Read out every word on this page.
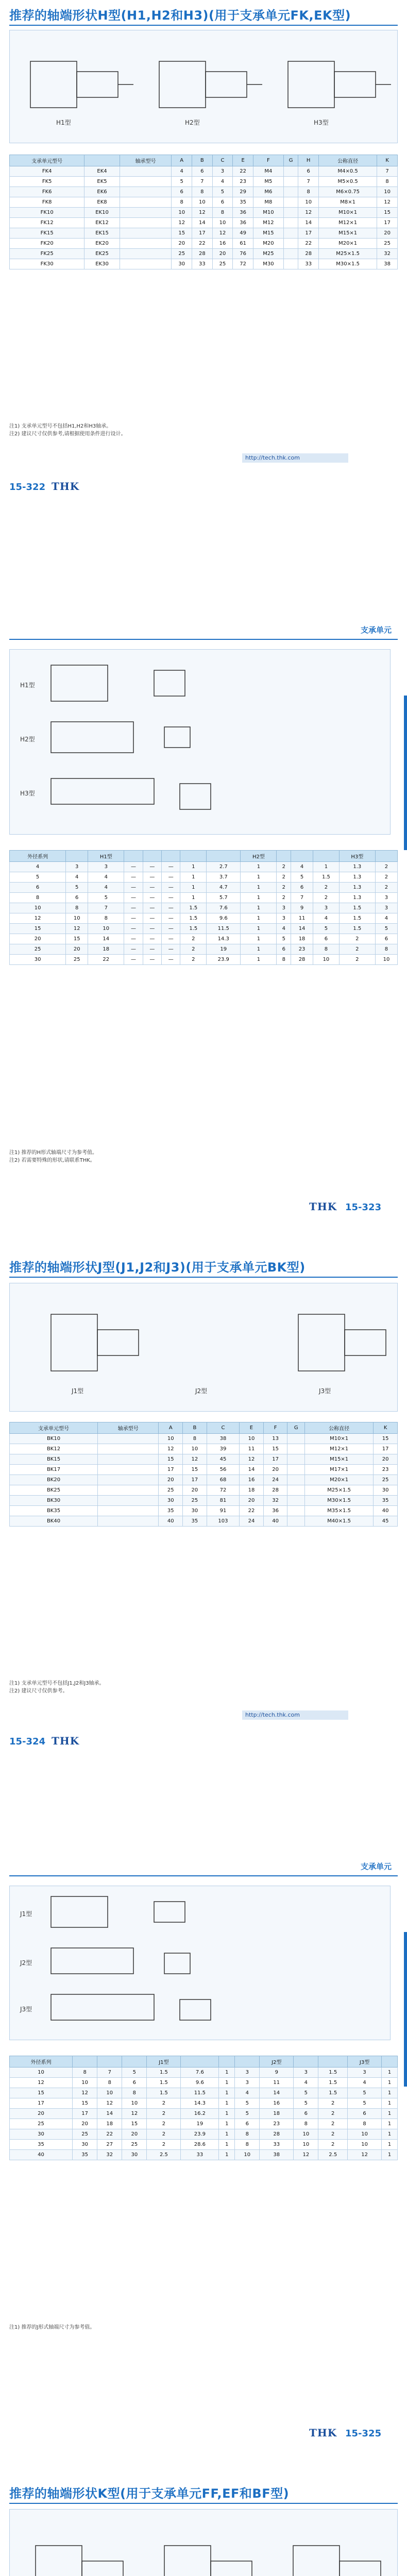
推荐的轴端形状H型(H1,H2和H3)(用于支承单元FK,EK型)
H1型	H2型	H3型
支承单元型号		轴承型号	A	B	C	E	F	G	H	公称直径	K
FK4	EK4		4	6	3	22	M4		6	M4×0.5	7
FK5	EK5		5	7	4	23	M5		7	M5×0.5	8
FK6	EK6		6	8	5	29	M6		8	M6×0.75	10
FK8	EK8		8	10	6	35	M8		10	M8×1	12
FK10	EK10		10	12	8	36	M10		12	M10×1	15
FK12	EK12		12	14	10	36	M12		14	M12×1	17
FK15	EK15		15	17	12	49	M15		17	M15×1	20
FK20	EK20		20	22	16	61	M20		22	M20×1	25
FK25	EK25		25	28	20	76	M25		28	M25×1.5	32
FK30	EK30		30	33	25	72	M30		33	M30×1.5	38
注1) 支承单元型号不包括H1,H2和H3轴承。
注2) 建议尺寸仅供参考,请根据使用条件进行设计。
http://tech.thk.com
15-322 THK
支承单元
H1型
H2型
H3型
外径系列		H1型						H2型				H3型	
4	3	3	—	—	—	1	2.7	1	2	4	1	1.3	2
5	4	4	—	—	—	1	3.7	1	2	5	1.5	1.3	2
6	5	4	—	—	—	1	4.7	1	2	6	2	1.3	2
8	6	5	—	—	—	1	5.7	1	2	7	2	1.3	3
10	8	7	—	—	—	1.5	7.6	1	3	9	3	1.5	3
12	10	8	—	—	—	1.5	9.6	1	3	11	4	1.5	4
15	12	10	—	—	—	1.5	11.5	1	4	14	5	1.5	5
20	15	14	—	—	—	2	14.3	1	5	18	6	2	6
25	20	18	—	—	—	2	19	1	6	23	8	2	8
30	25	22	—	—	—	2	23.9	1	8	28	10	2	10
注1) 推荐的H形式轴端尺寸为参考值。
注2) 若需要特殊的形状,请联系THK。
THK 15-323
推荐的轴端形状J型(J1,J2和J3)(用于支承单元BK型)
J1型	J2型	J3型
支承单元型号	轴承型号	A	B	C	E	F	G	公称直径	K
BK10		10	8	38	10	13		M10×1	15
BK12		12	10	39	11	15		M12×1	17
BK15		15	12	45	12	17		M15×1	20
BK17		17	15	56	14	20		M17×1	23
BK20		20	17	68	16	24		M20×1	25
BK25		25	20	72	18	28		M25×1.5	30
BK30		30	25	81	20	32		M30×1.5	35
BK35		35	30	91	22	36		M35×1.5	40
BK40		40	35	103	24	40		M40×1.5	45
注1) 支承单元型号不包括J1,J2和J3轴承。
注2) 建议尺寸仅供参考。
http://tech.thk.com
15-324 THK
支承单元
J1型
J2型
J3型
外径系列				J1型				J2型			J3型	
10	8	7	5	1.5	7.6	1	3	9	3	1.5	3	1
12	10	8	6	1.5	9.6	1	3	11	4	1.5	4	1
15	12	10	8	1.5	11.5	1	4	14	5	1.5	5	1
17	15	12	10	2	14.3	1	5	16	5	2	5	1
20	17	14	12	2	16.2	1	5	18	6	2	6	1
25	20	18	15	2	19	1	6	23	8	2	8	1
30	25	22	20	2	23.9	1	8	28	10	2	10	1
35	30	27	25	2	28.6	1	8	33	10	2	10	1
40	35	32	30	2.5	33	1	10	38	12	2.5	12	1
注1) 推荐的J形式轴端尺寸为参考值。
THK 15-325
推荐的轴端形状K型(用于支承单元FF,EF和BF型)
